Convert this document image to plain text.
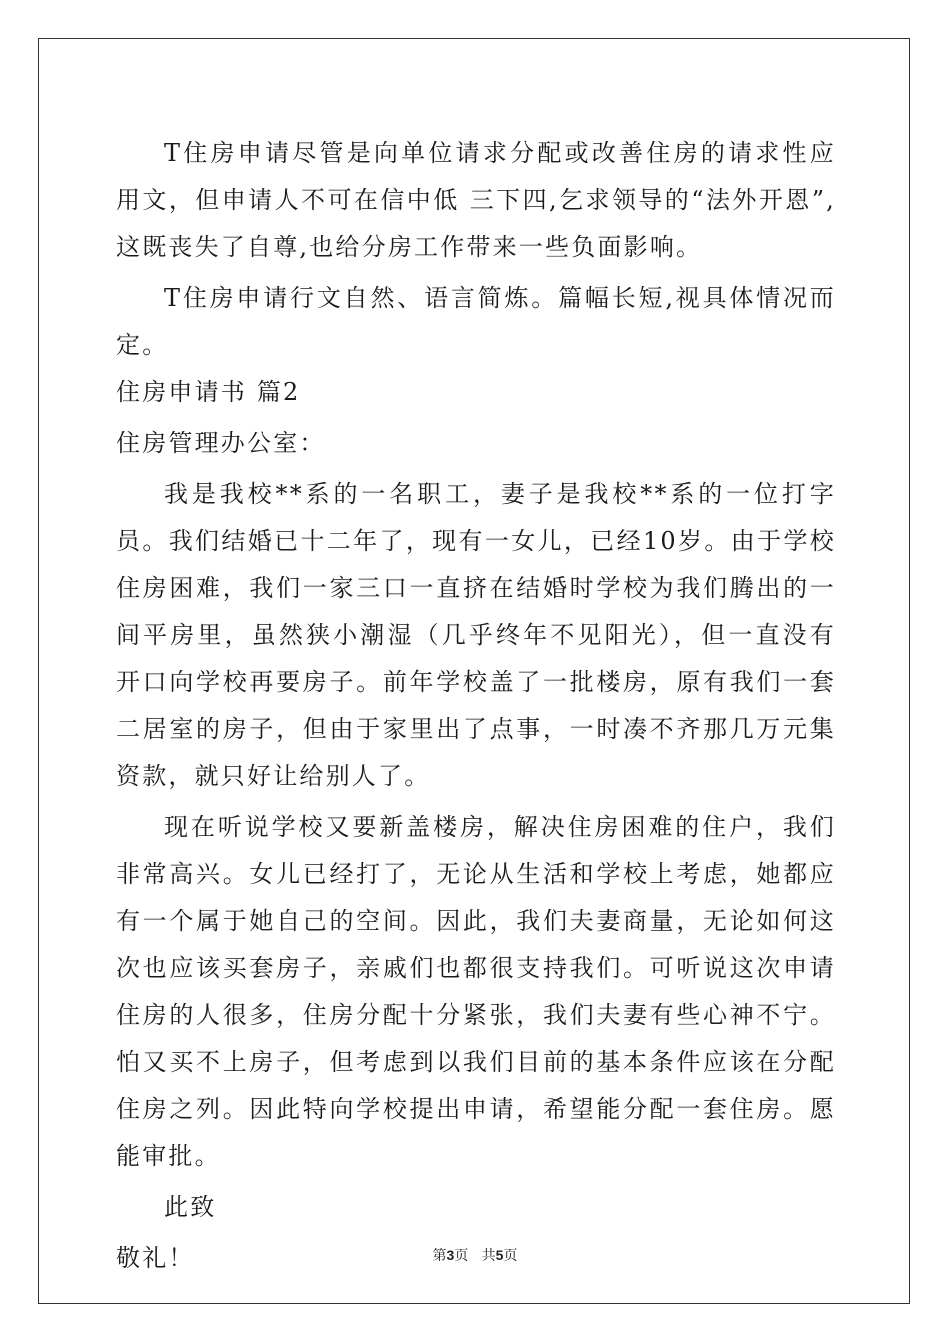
T住房申请尽管是向单位请求分配或改善住房的请求性应用文，但申请人不可在信中低 三下四,乞求领导的“法外开恩”,这既丧失了自尊,也给分房工作带来一些负面影响。

T住房申请行文自然、语言简炼。篇幅长短,视具体情况而定。

住房申请书 篇2

住房管理办公室：

我是我校**系的一名职工，妻子是我校**系的一位打字员。我们结婚已十二年了，现有一女儿，已经10岁。由于学校住房困难，我们一家三口一直挤在结婚时学校为我们腾出的一间平房里，虽然狭小潮湿（几乎终年不见阳光），但一直没有开口向学校再要房子。前年学校盖了一批楼房，原有我们一套二居室的房子，但由于家里出了点事，一时凑不齐那几万元集资款，就只好让给别人了。

现在听说学校又要新盖楼房，解决住房困难的住户，我们非常高兴。女儿已经打了，无论从生活和学校上考虑，她都应有一个属于她自己的空间。因此，我们夫妻商量，无论如何这次也应该买套房子，亲戚们也都很支持我们。可听说这次申请住房的人很多，住房分配十分紧张，我们夫妻有些心神不宁。怕又买不上房子，但考虑到以我们目前的基本条件应该在分配住房之列。因此特向学校提出申请，希望能分配一套住房。愿能审批。

此致

敬礼！	第3页 共5页
